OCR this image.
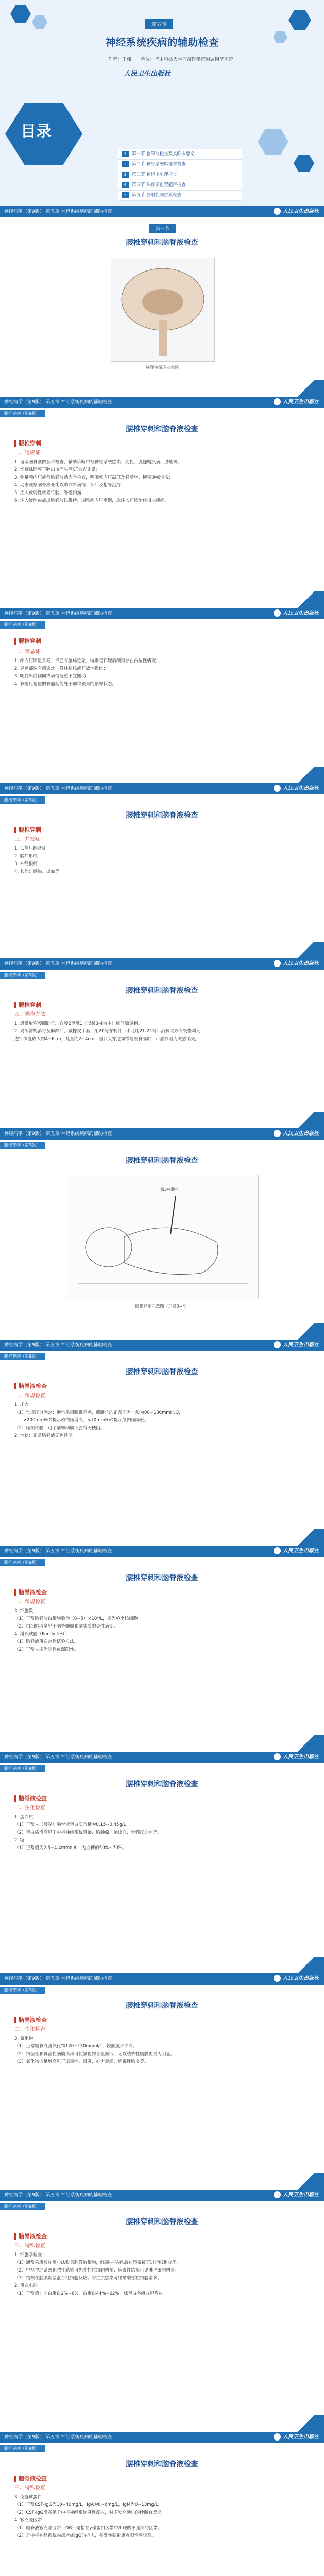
第五章
神经系统疾病的辅助检查
作者：王伟　　单位：华中科技大学同济医学院附属同济医院
人民卫生出版社
目录
1 第一节 脑脊液检查及其临床意义
2 第二节 神经系统影像学检查
3 第三节 神经电生理检查
4 第四节 头颈部血管超声检查
5 第五节 放射性同位素检查
神经病学（第9版） 第五章 神经系统疾病的辅助检查	人民卫生出版社
第一节
腰椎穿刺和脑脊液检查
脑脊液循环示意图
神经病学（第9版） 第五章 神经系统疾病的辅助检查	人民卫生出版社
腰椎穿刺（第9版）
腰椎穿刺和脑脊液检查
腰椎穿刺
一、适应证
1. 留取脑脊液做各种检查，辅助诊断中枢神经系统感染、变性、脱髓鞘疾病、肿瘤等；
2. 怀疑蛛网膜下腔出血而头颅CT检查正常；
3. 测量颅内压或行脑脊液动力学检查，明确颅内压高低及脊髓腔、横窦通畅情况；
4. 动态观察脑脊液变化以助判断病情、预后及指导治疗；
5. 注入放射性核素行脑、脊髓扫描；
6. 注入液体或放出脑脊液以维持、调整颅内压平衡，或注入药物治疗相应疾病。
神经病学（第9版） 第五章 神经系统疾病的辅助检查	人民卫生出版社
腰椎穿刺（第9版）
腰椎穿刺
二、禁忌证
1. 颅内压明显升高，或已有脑疝迹象，特别是怀疑后颅窝存在占位性病变；
2. 穿刺部位有感染灶、脊柱结核或开放性损伤；
3. 明显出血倾向或病情危重不宜搬动；
4. 脊髓压迫症的脊髓功能处于即将丧失的临界状态。
神经病学（第9版） 第五章 神经系统疾病的辅助检查	人民卫生出版社
腰椎穿刺（第9版）
腰椎穿刺和脑脊液检查
腰椎穿刺
三、并发症
1. 低颅压综合征
2. 脑疝形成
3. 神经根痛
4. 其他：感染、出血等
神经病学（第9版） 第五章 神经系统疾病的辅助检查	人民卫生出版社
腰椎穿刺（第9版）
腰椎穿刺和脑脊液检查
腰椎穿刺
四、操作方法
1. 通常取弯腰侧卧位，自腰2至骶1（以腰3-4为主）椎间隙穿刺。
2. 局部常规消毒及麻醉后，戴橡皮手套，用20号穿刺针（小儿用21-22号）沿棘突方向缓慢刺入，
进针深度成人约4~6cm，儿童约2~4cm，当针头穿过韧带与硬脊膜时，可感到阻力突然消失。
神经病学（第9版） 第五章 神经系统疾病的辅助检查	人民卫生出版社
腰椎穿刺（第9版）
腰椎穿刺和脑脊液检查
第3/4腰椎
腰椎穿刺示意图（示腰3~4）
神经病学（第9版） 第五章 神经系统疾病的辅助检查	人民卫生出版社
腰椎穿刺（第9版）
腰椎穿刺和脑脊液检查
脑脊液检查
一、常规检查
1. 压力
（1）常规压力测定：通常采用腰椎穿刺，侧卧位的正常压力一般为80~180mmH₂O，
　　>200mmH₂O提示颅内压增高，<70mmH₂O提示颅内压降低。
（2）压颈试验：可了解蛛网膜下腔有无梗阻。
2. 性状：正常脑脊液无色透明。
神经病学（第9版） 第五章 神经系统疾病的辅助检查	人民卫生出版社
腰椎穿刺（第9版）
腰椎穿刺和脑脊液检查
脑脊液检查
一、常规检查
3. 细胞数
（1）正常脑脊液白细胞数为（0~5）×10⁶/L，多为单个核细胞。
（2）白细胞增多见于脑脊髓膜和脑实质的炎性病变。
4. 潘氏试验（Pandy test）
（1）脑脊液蛋白定性试验方法。
（2）正常人多为阴性或弱阳性。
神经病学（第9版） 第五章 神经系统疾病的辅助检查	人民卫生出版社
腰椎穿刺（第9版）
腰椎穿刺和脑脊液检查
脑脊液检查
二、生化检查
1. 蛋白质
（1）正常人（腰穿）脑脊液蛋白质含量为0.15~0.45g/L。
（2）蛋白质增高见于中枢神经系统感染、脑肿瘤、脑出血、脊髓压迫症等。
2. 糖
（1）正常值为2.5~4.4mmol/L，为血糖的50%~70%。
神经病学（第9版） 第五章 神经系统疾病的辅助检查	人民卫生出版社
腰椎穿刺（第9版）
腰椎穿刺和脑脊液检查
脑脊液检查
二、生化检查
3. 氯化物
（1）正常脑脊液含氯化物120~130mmol/L，较血氯水平高。
（2）细菌性和真菌性脑膜炎均可使氯化物含量减低，尤以结核性脑膜炎最为明显。
（3）氯化物含量增高见于尿毒症、肾炎、心力衰竭、病毒性脑炎等。
神经病学（第9版） 第五章 神经系统疾病的辅助检查	人民卫生出版社
腰椎穿刺（第9版）
腰椎穿刺和脑脊液检查
脑脊液检查
三、特殊检查
1. 细胞学检查
（1）通常采用玻片离心法收集脑脊液细胞，经瑞-吉染色后在显微镜下进行细胞分类。
（2）中枢神经系统化脓性感染可见中性粒细胞增多；病毒性感染可见淋巴细胞增多。
（3）结核性脑膜炎呈混合性细胞反应；寄生虫感染可见嗜酸性粒细胞增多。
2. 蛋白电泳
（1）正常值：前白蛋白2%~6%，白蛋白44%~62%，球蛋白各组分见教材。
神经病学（第9版） 第五章 神经系统疾病的辅助检查	人民卫生出版社
腰椎穿刺（第9版）
腰椎穿刺和脑脊液检查
脑脊液检查
三、特殊检查
3. 免疫球蛋白
（1）正常CSF-IgG为10~40mg/L，IgA为0~6mg/L，IgM为0~13mg/L。
（2）CSF-IgG增高见于中枢神经系统炎性反应，对多发性硬化的诊断有意义。
4. 寡克隆区带
（1）脑脊液寡克隆区带（OB）是指在γ球蛋白区带中出现的不连续的区带。
（2）是中枢神经系统内部合成IgG的标志，多发性硬化患者阳性率较高。
